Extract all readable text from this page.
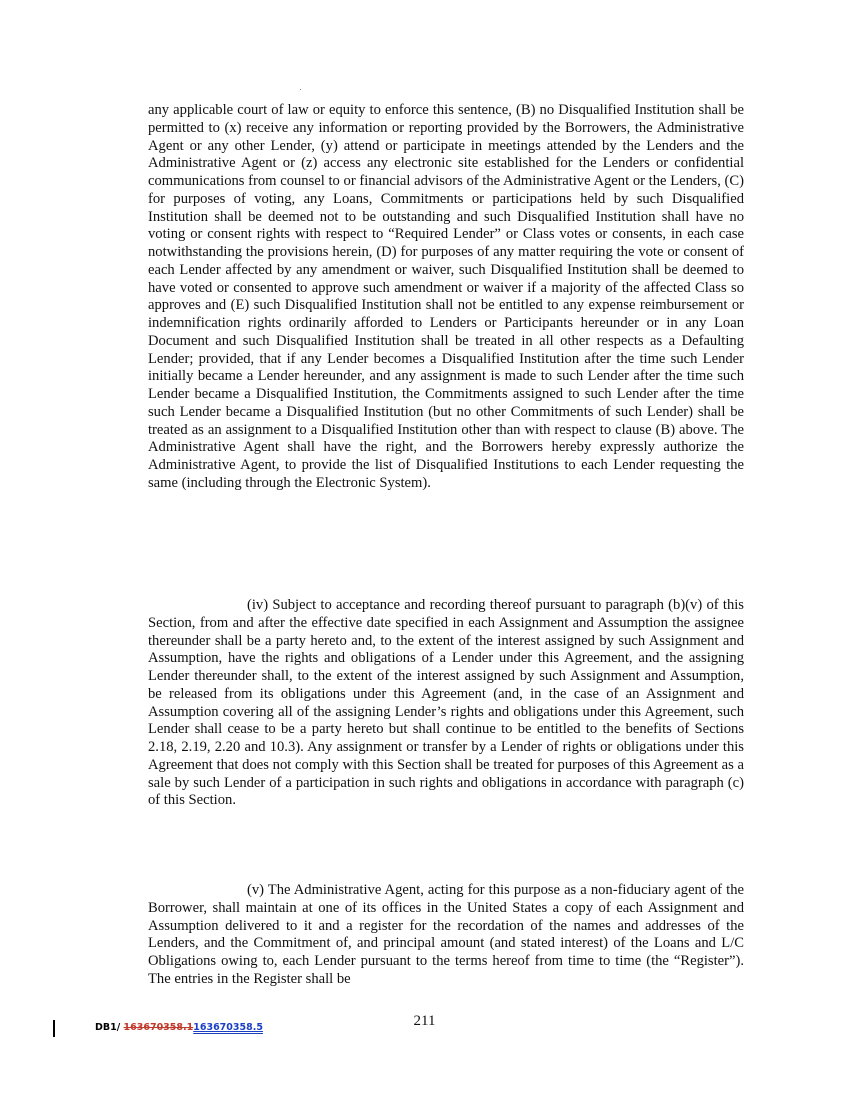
any applicable court of law or equity to enforce this sentence, (B) no Disqualified Institution shall be permitted to (x) receive any information or reporting provided by the Borrowers, the Administrative Agent or any other Lender, (y) attend or participate in meetings attended by the Lenders and the Administrative Agent or (z) access any electronic site established for the Lenders or confidential communications from counsel to or financial advisors of the Administrative Agent or the Lenders, (C) for purposes of voting, any Loans, Commitments or participations held by such Disqualified Institution shall be deemed not to be outstanding and such Disqualified Institution shall have no voting or consent rights with respect to “Required Lender” or Class votes or consents, in each case notwithstanding the provisions herein, (D) for purposes of any matter requiring the vote or consent of each Lender affected by any amendment or waiver, such Disqualified Institution shall be deemed to have voted or consented to approve such amendment or waiver if a majority of the affected Class so approves and (E) such Disqualified Institution shall not be entitled to any expense reimbursement or indemnification rights ordinarily afforded to Lenders or Participants hereunder or in any Loan Document and such Disqualified Institution shall be treated in all other respects as a Defaulting Lender; provided, that if any Lender becomes a Disqualified Institution after the time such Lender initially became a Lender hereunder, and any assignment is made to such Lender after the time such Lender became a Disqualified Institution, the Commitments assigned to such Lender after the time such Lender became a Disqualified Institution (but no other Commitments of such Lender) shall be treated as an assignment to a Disqualified Institution other than with respect to clause (B) above. The Administrative Agent shall have the right, and the Borrowers hereby expressly authorize the Administrative Agent, to provide the list of Disqualified Institutions to each Lender requesting the same (including through the Electronic System).

(iv) Subject to acceptance and recording thereof pursuant to paragraph (b)(v) of this Section, from and after the effective date specified in each Assignment and Assumption the assignee thereunder shall be a party hereto and, to the extent of the interest assigned by such Assignment and Assumption, have the rights and obligations of a Lender under this Agreement, and the assigning Lender thereunder shall, to the extent of the interest assigned by such Assignment and Assumption, be released from its obligations under this Agreement (and, in the case of an Assignment and Assumption covering all of the assigning Lender’s rights and obligations under this Agreement, such Lender shall cease to be a party hereto but shall continue to be entitled to the benefits of Sections 2.18, 2.19, 2.20 and 10.3). Any assignment or transfer by a Lender of rights or obligations under this Agreement that does not comply with this Section shall be treated for purposes of this Agreement as a sale by such Lender of a participation in such rights and obligations in accordance with paragraph (c) of this Section.

(v) The Administrative Agent, acting for this purpose as a non-fiduciary agent of the Borrower, shall maintain at one of its offices in the United States a copy of each Assignment and Assumption delivered to it and a register for the recordation of the names and addresses of the Lenders, and the Commitment of, and principal amount (and stated interest) of the Loans and L/C Obligations owing to, each Lender pursuant to the terms hereof from time to time (the “Register”). The entries in the Register shall be

DB1/ 163670358.1163670358.5	211
